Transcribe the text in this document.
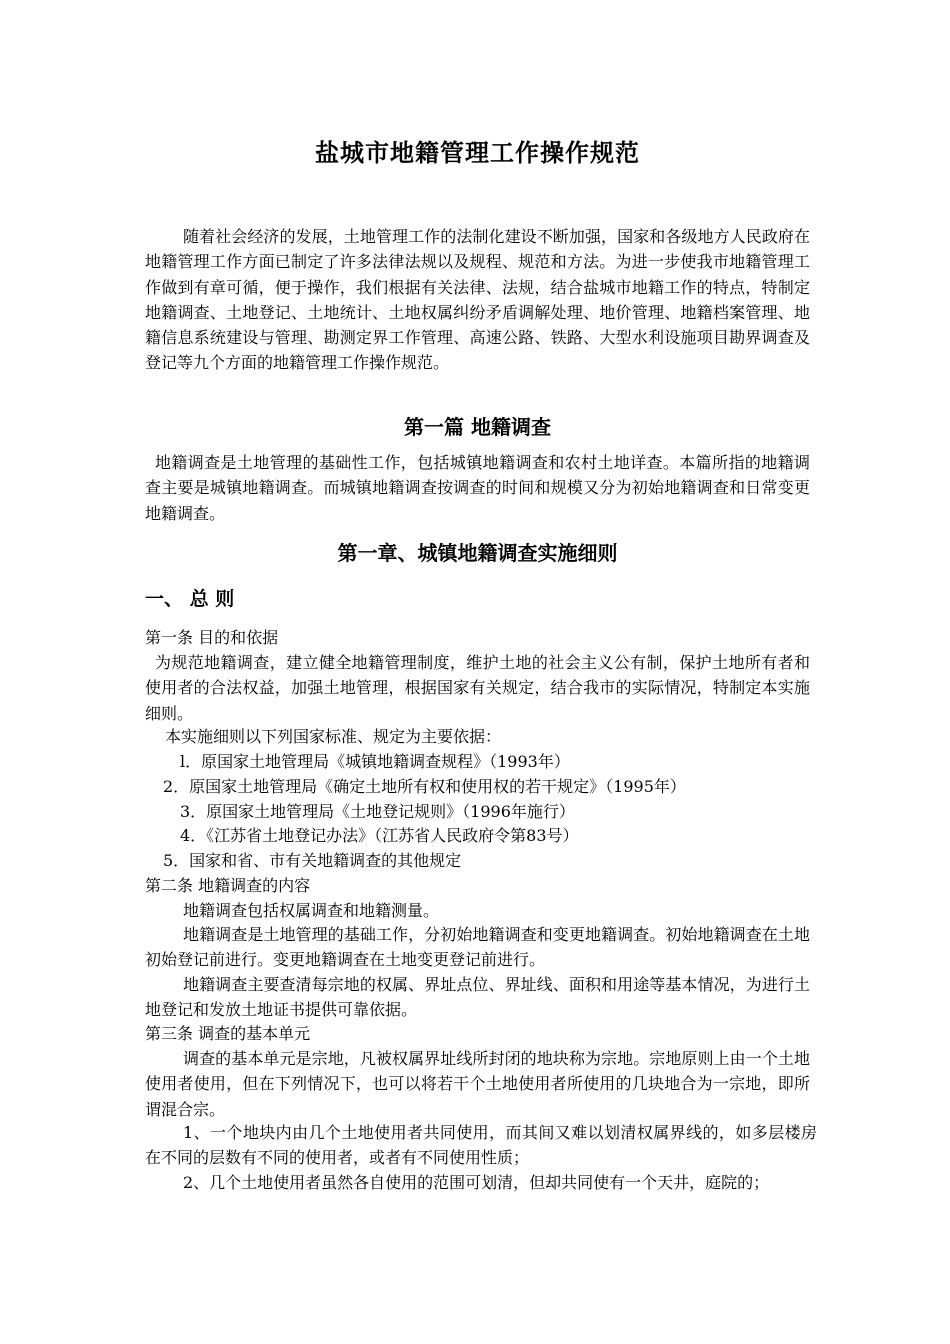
盐城市地籍管理工作操作规范

随着社会经济的发展，土地管理工作的法制化建设不断加强，国家和各级地方人民政府在地籍管理工作方面已制定了许多法律法规以及规程、规范和方法。为进一步使我市地籍管理工作做到有章可循，便于操作，我们根据有关法律、法规，结合盐城市地籍工作的特点，特制定地籍调查、土地登记、土地统计、土地权属纠纷矛盾调解处理、地价管理、地籍档案管理、地籍信息系统建设与管理、勘测定界工作管理、高速公路、铁路、大型水利设施项目勘界调查及登记等九个方面的地籍管理工作操作规范。

第一篇 地籍调查

地籍调查是土地管理的基础性工作，包括城镇地籍调查和农村土地详查。本篇所指的地籍调查主要是城镇地籍调查。而城镇地籍调查按调查的时间和规模又分为初始地籍调查和日常变更地籍调查。

第一章、城镇地籍调查实施细则
一、 总 则
第一条 目的和依据

为规范地籍调查，建立健全地籍管理制度，维护土地的社会主义公有制，保护土地所有者和使用者的合法权益，加强土地管理，根据国家有关规定，结合我市的实际情况，特制定本实施细则。

本实施细则以下列国家标准、规定为主要依据：
l．原国家土地管理局《城镇地籍调查规程》（1993年）
2．原国家土地管理局《确定土地所有权和使用权的若干规定》（1995年）
3．原国家土地管理局《土地登记规则》（1996年施行）
4．《江苏省土地登记办法》（江苏省人民政府令第83号）
5．国家和省、市有关地籍调查的其他规定
第二条 地籍调查的内容
地籍调查包括权属调查和地籍测量。

地籍调查是土地管理的基础工作，分初始地籍调查和变更地籍调查。初始地籍调查在土地初始登记前进行。变更地籍调查在土地变更登记前进行。

地籍调查主要查清每宗地的权属、界址点位、界址线、面积和用途等基本情况，为进行土地登记和发放土地证书提供可靠依据。

第三条 调查的基本单元

调查的基本单元是宗地，凡被权属界址线所封闭的地块称为宗地。宗地原则上由一个土地使用者使用，但在下列情况下，也可以将若干个土地使用者所使用的几块地合为一宗地，即所谓混合宗。

1、一个地块内由几个土地使用者共同使用，而其间又难以划清权属界线的，如多层楼房在不同的层数有不同的使用者，或者有不同使用性质；

2、几个土地使用者虽然各自使用的范围可划清，但却共同使有一个天井，庭院的；
